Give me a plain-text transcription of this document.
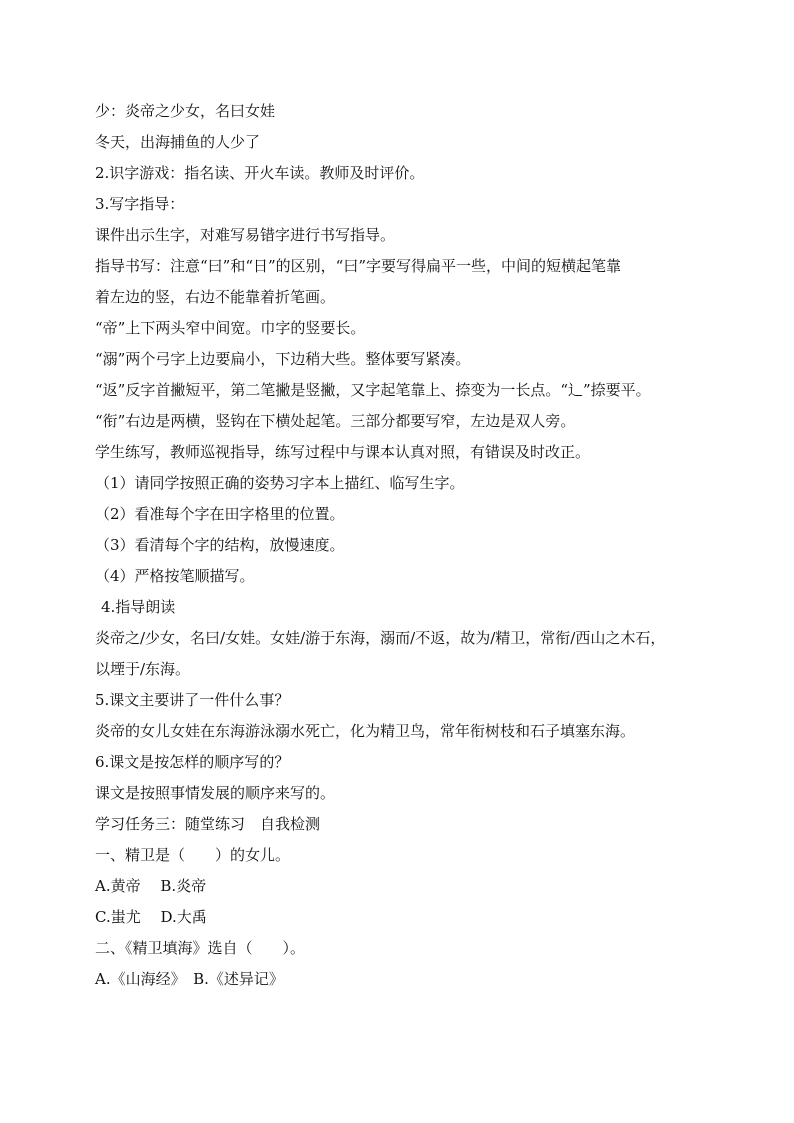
少：炎帝之少女，名曰女娃
冬天，出海捕鱼的人少了
2.识字游戏：指名读、开火车读。教师及时评价。
3.写字指导：
课件出示生字，对难写易错字进行书写指导。
指导书写：注意“曰”和“日”的区别，“曰”字要写得扁平一些，中间的短横起笔靠
着左边的竖，右边不能靠着折笔画。
“帝”上下两头窄中间宽。巾字的竖要长。
“溺”两个弓字上边要扁小，下边稍大些。整体要写紧凑。
“返”反字首撇短平，第二笔撇是竖撇，又字起笔靠上、捺变为一长点。“辶”捺要平。
“衔”右边是两横，竖钩在下横处起笔。三部分都要写窄，左边是双人旁。
学生练写，教师巡视指导，练写过程中与课本认真对照，有错误及时改正。
（1）请同学按照正确的姿势习字本上描红、临写生字。
（2）看准每个字在田字格里的位置。
（3）看清每个字的结构，放慢速度。
（4）严格按笔顺描写。
4.指导朗读
炎帝之/少女，名曰/女娃。女娃/游于东海，溺而/不返，故为/精卫，常衔/西山之木石，
以堙于/东海。
5.课文主要讲了一件什么事？
炎帝的女儿女娃在东海游泳溺水死亡，化为精卫鸟，常年衔树枝和石子填塞东海。
6.课文是按怎样的顺序写的？
课文是按照事情发展的顺序来写的。
学习任务三：随堂练习　自我检测
一、精卫是（　　）的女儿。
A.黄帝　 B.炎帝
C.蚩尤　 D.大禹
二、《精卫填海》选自（　　）。
A.《山海经》　B.《述异记》
